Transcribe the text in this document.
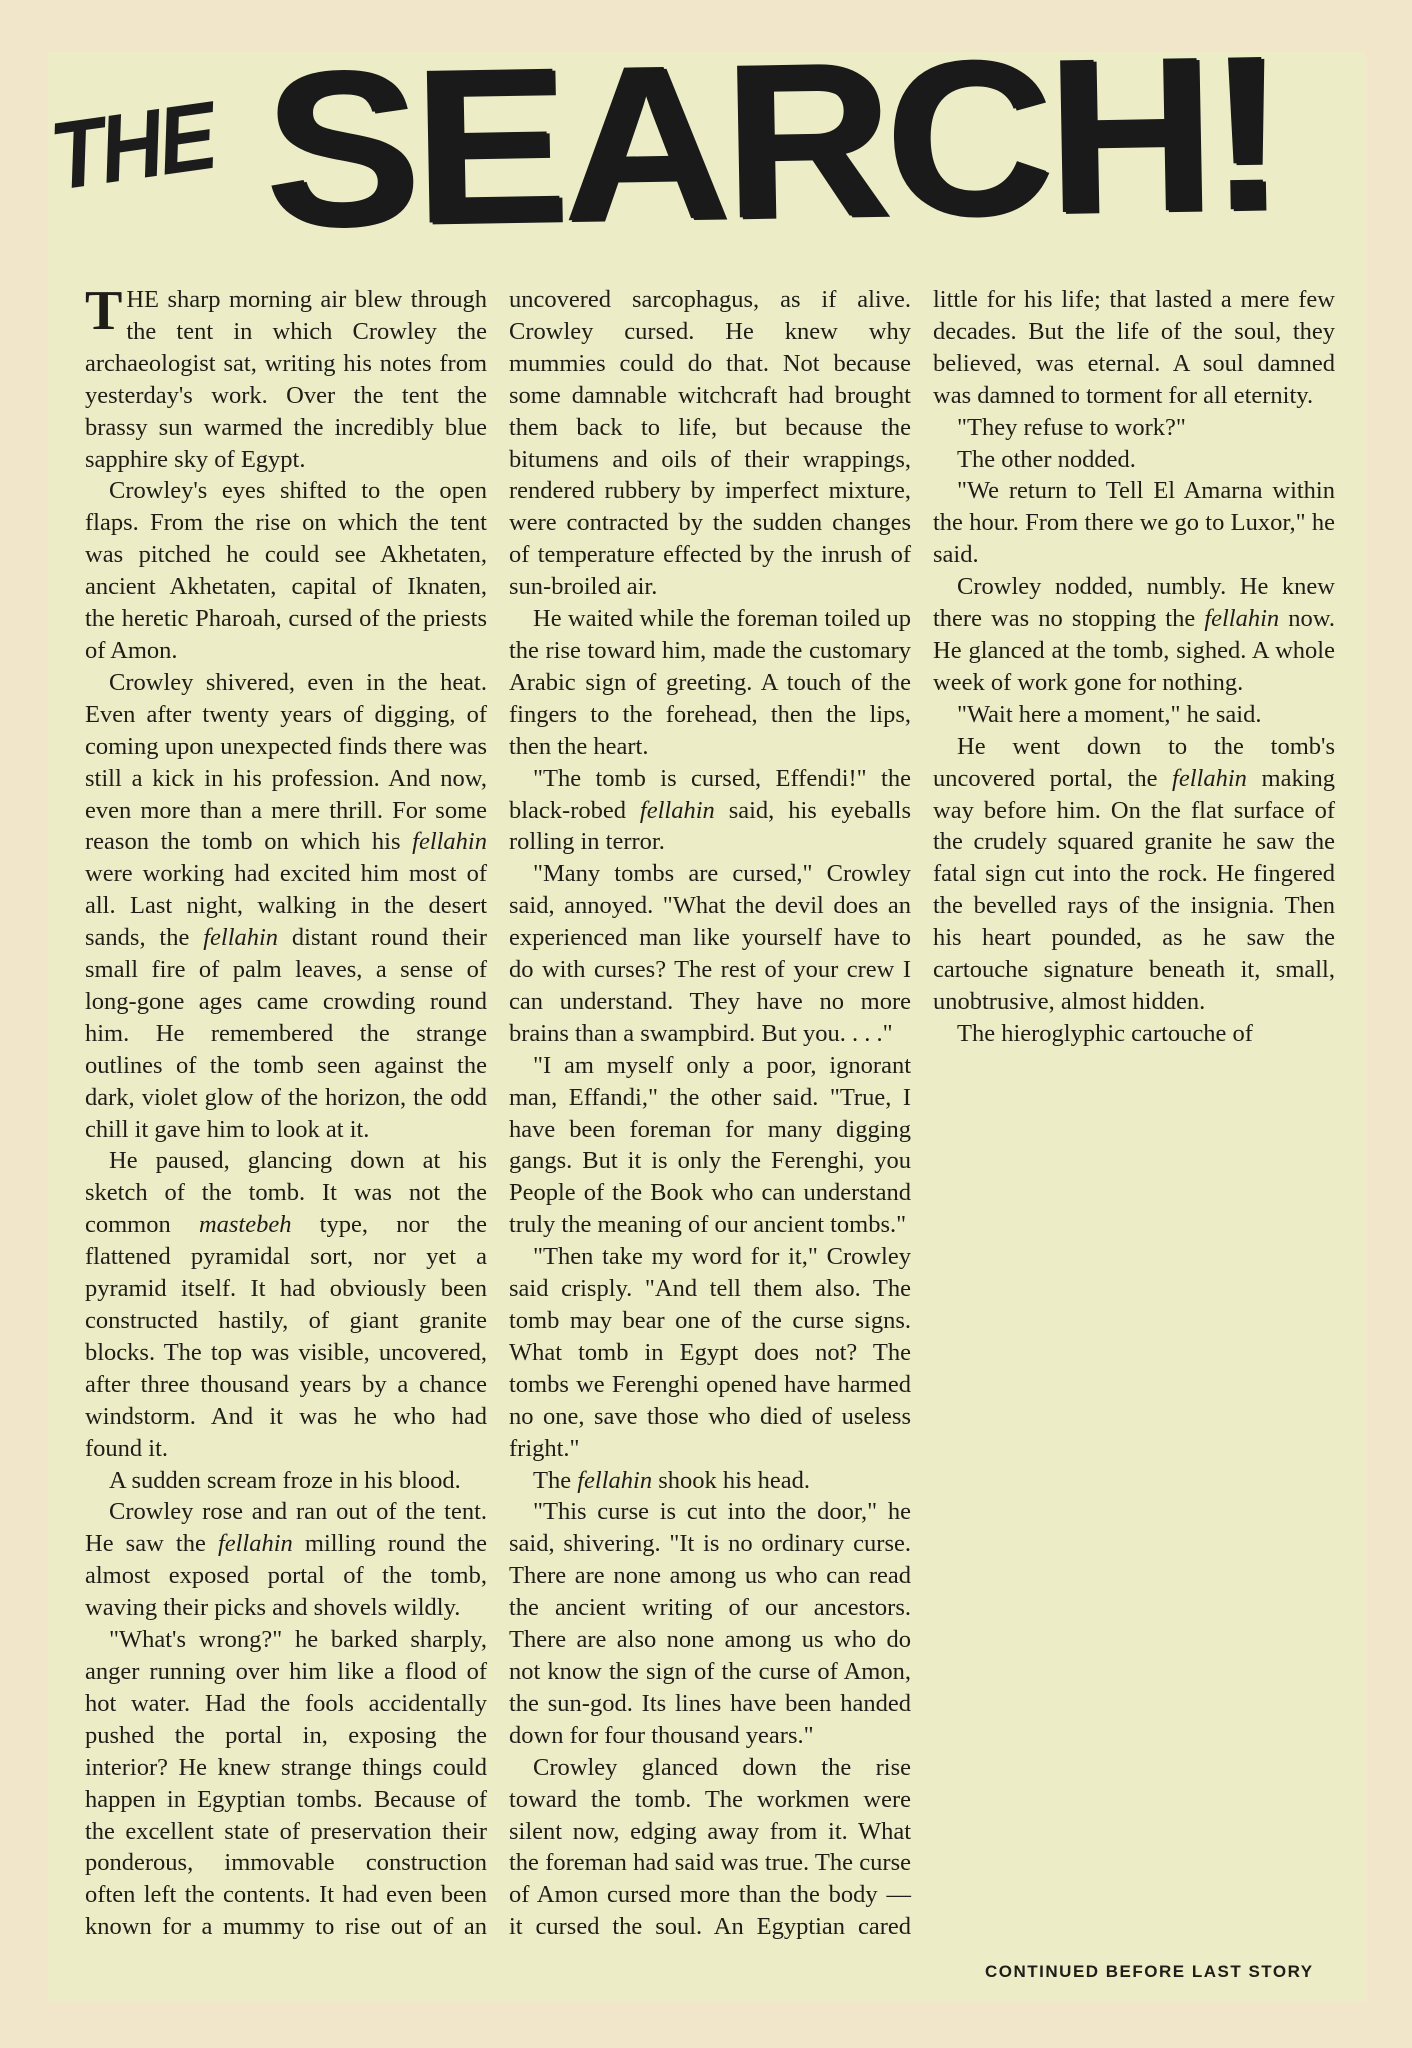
THE SEARCH!

THE sharp morning air blew through the tent in which Crowley the archaeologist sat, writing his notes from yesterday's work. Over the tent the brassy sun warmed the incredibly blue sapphire sky of Egypt.

Crowley's eyes shifted to the open flaps. From the rise on which the tent was pitched he could see Akhetaten, ancient Akhetaten, capital of Iknaten, the heretic Pharoah, cursed of the priests of Amon.

Crowley shivered, even in the heat. Even after twenty years of digging, of coming upon unexpected finds there was still a kick in his profession. And now, even more than a mere thrill. For some reason the tomb on which his fellahin were working had excited him most of all. Last night, walking in the desert sands, the fellahin distant round their small fire of palm leaves, a sense of long-gone ages came crowding round him. He remembered the strange outlines of the tomb seen against the dark, violet glow of the horizon, the odd chill it gave him to look at it.

He paused, glancing down at his sketch of the tomb. It was not the common mastebeh type, nor the flattened pyramidal sort, nor yet a pyramid itself. It had obviously been constructed hastily, of giant granite blocks. The top was visible, uncovered, after three thousand years by a chance windstorm. And it was he who had found it.

A sudden scream froze in his blood.

Crowley rose and ran out of the tent. He saw the fellahin milling round the almost exposed portal of the tomb, waving their picks and shovels wildly.

"What's wrong?" he barked sharply, anger running over him like a flood of hot water. Had the fools accidentally pushed the portal in, exposing the interior? He knew strange things could happen in Egyptian tombs. Because of the excellent state of preservation their ponderous, immovable construction often left the contents. It had even been known for a mummy to rise out of an uncovered sarcophagus, as if alive. Crowley cursed. He knew why mummies could do that. Not because some damnable witchcraft had brought them back to life, but because the bitumens and oils of their wrappings, rendered rubbery by imperfect mixture, were contracted by the sudden changes of temperature effected by the inrush of sun-broiled air.

He waited while the foreman toiled up the rise toward him, made the customary Arabic sign of greeting. A touch of the fingers to the forehead, then the lips, then the heart.

"The tomb is cursed, Effendi!" the black-robed fellahin said, his eyeballs rolling in terror.

"Many tombs are cursed," Crowley said, annoyed. "What the devil does an experienced man like yourself have to do with curses? The rest of your crew I can understand. They have no more brains than a swampbird. But you. . . ."

"I am myself only a poor, ignorant man, Effandi," the other said. "True, I have been foreman for many digging gangs. But it is only the Ferenghi, you People of the Book who can understand truly the meaning of our ancient tombs."

"Then take my word for it," Crowley said crisply. "And tell them also. The tomb may bear one of the curse signs. What tomb in Egypt does not? The tombs we Ferenghi opened have harmed no one, save those who died of useless fright."

The fellahin shook his head.

"This curse is cut into the door," he said, shivering. "It is no ordinary curse. There are none among us who can read the ancient writing of our ancestors. There are also none among us who do not know the sign of the curse of Amon, the sun-god. Its lines have been handed down for four thousand years."

Crowley glanced down the rise toward the tomb. The workmen were silent now, edging away from it. What the foreman had said was true. The curse of Amon cursed more than the body — it cursed the soul. An Egyptian cared little for his life; that lasted a mere few decades. But the life of the soul, they believed, was eternal. A soul damned was damned to torment for all eternity.

"They refuse to work?"

The other nodded.

"We return to Tell El Amarna within the hour. From there we go to Luxor," he said.

Crowley nodded, numbly. He knew there was no stopping the fellahin now. He glanced at the tomb, sighed. A whole week of work gone for nothing.

"Wait here a moment," he said.

He went down to the tomb's uncovered portal, the fellahin making way before him. On the flat surface of the crudely squared granite he saw the fatal sign cut into the rock. He fingered the bevelled rays of the insignia. Then his heart pounded, as he saw the cartouche signature beneath it, small, unobtrusive, almost hidden.

The hieroglyphic cartouche of

CONTINUED BEFORE LAST STORY
